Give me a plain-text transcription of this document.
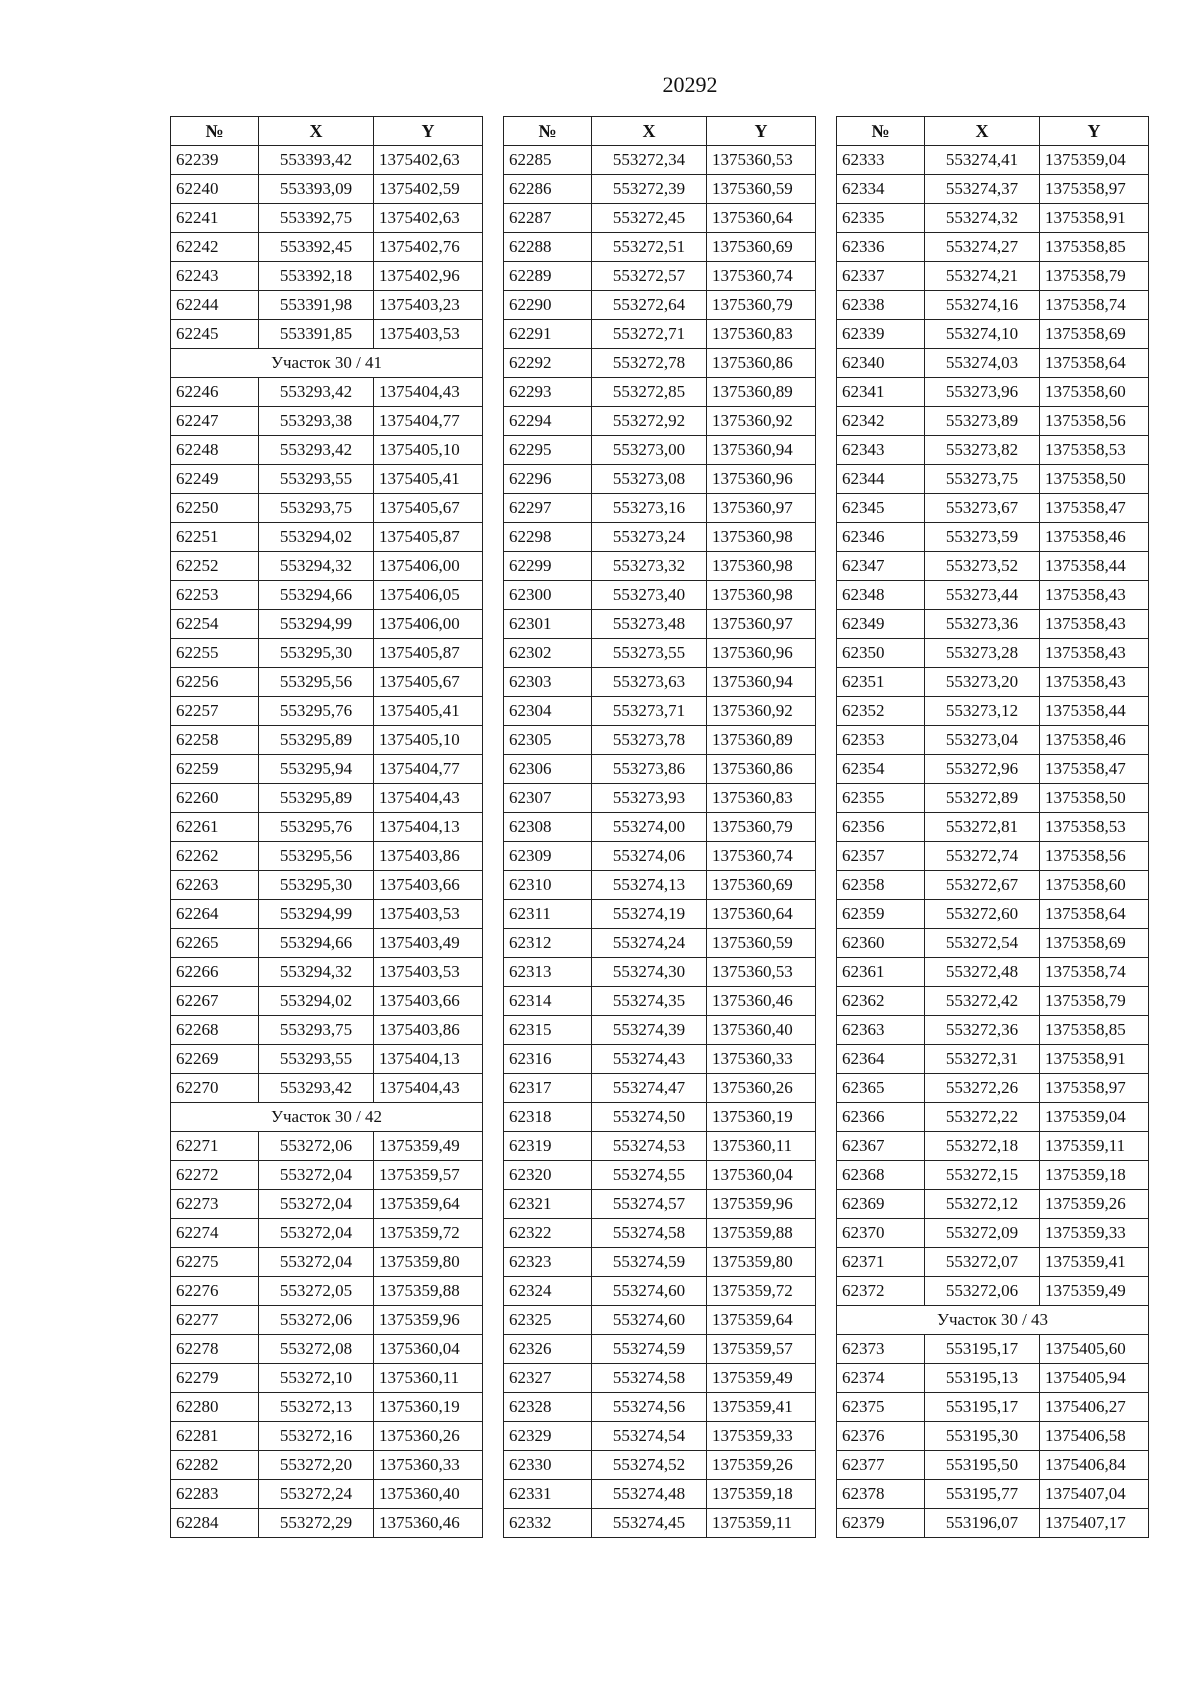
20292
№	X	Y
62239	553393,42	1375402,63
62240	553393,09	1375402,59
62241	553392,75	1375402,63
62242	553392,45	1375402,76
62243	553392,18	1375402,96
62244	553391,98	1375403,23
62245	553391,85	1375403,53
Участок 30 / 41		
62246	553293,42	1375404,43
62247	553293,38	1375404,77
62248	553293,42	1375405,10
62249	553293,55	1375405,41
62250	553293,75	1375405,67
62251	553294,02	1375405,87
62252	553294,32	1375406,00
62253	553294,66	1375406,05
62254	553294,99	1375406,00
62255	553295,30	1375405,87
62256	553295,56	1375405,67
62257	553295,76	1375405,41
62258	553295,89	1375405,10
62259	553295,94	1375404,77
62260	553295,89	1375404,43
62261	553295,76	1375404,13
62262	553295,56	1375403,86
62263	553295,30	1375403,66
62264	553294,99	1375403,53
62265	553294,66	1375403,49
62266	553294,32	1375403,53
62267	553294,02	1375403,66
62268	553293,75	1375403,86
62269	553293,55	1375404,13
62270	553293,42	1375404,43
Участок 30 / 42		
62271	553272,06	1375359,49
62272	553272,04	1375359,57
62273	553272,04	1375359,64
62274	553272,04	1375359,72
62275	553272,04	1375359,80
62276	553272,05	1375359,88
62277	553272,06	1375359,96
62278	553272,08	1375360,04
62279	553272,10	1375360,11
62280	553272,13	1375360,19
62281	553272,16	1375360,26
62282	553272,20	1375360,33
62283	553272,24	1375360,40
62284	553272,29	1375360,46
№	X	Y
62285	553272,34	1375360,53
62286	553272,39	1375360,59
62287	553272,45	1375360,64
62288	553272,51	1375360,69
62289	553272,57	1375360,74
62290	553272,64	1375360,79
62291	553272,71	1375360,83
62292	553272,78	1375360,86
62293	553272,85	1375360,89
62294	553272,92	1375360,92
62295	553273,00	1375360,94
62296	553273,08	1375360,96
62297	553273,16	1375360,97
62298	553273,24	1375360,98
62299	553273,32	1375360,98
62300	553273,40	1375360,98
62301	553273,48	1375360,97
62302	553273,55	1375360,96
62303	553273,63	1375360,94
62304	553273,71	1375360,92
62305	553273,78	1375360,89
62306	553273,86	1375360,86
62307	553273,93	1375360,83
62308	553274,00	1375360,79
62309	553274,06	1375360,74
62310	553274,13	1375360,69
62311	553274,19	1375360,64
62312	553274,24	1375360,59
62313	553274,30	1375360,53
62314	553274,35	1375360,46
62315	553274,39	1375360,40
62316	553274,43	1375360,33
62317	553274,47	1375360,26
62318	553274,50	1375360,19
62319	553274,53	1375360,11
62320	553274,55	1375360,04
62321	553274,57	1375359,96
62322	553274,58	1375359,88
62323	553274,59	1375359,80
62324	553274,60	1375359,72
62325	553274,60	1375359,64
62326	553274,59	1375359,57
62327	553274,58	1375359,49
62328	553274,56	1375359,41
62329	553274,54	1375359,33
62330	553274,52	1375359,26
62331	553274,48	1375359,18
62332	553274,45	1375359,11
№	X	Y
62333	553274,41	1375359,04
62334	553274,37	1375358,97
62335	553274,32	1375358,91
62336	553274,27	1375358,85
62337	553274,21	1375358,79
62338	553274,16	1375358,74
62339	553274,10	1375358,69
62340	553274,03	1375358,64
62341	553273,96	1375358,60
62342	553273,89	1375358,56
62343	553273,82	1375358,53
62344	553273,75	1375358,50
62345	553273,67	1375358,47
62346	553273,59	1375358,46
62347	553273,52	1375358,44
62348	553273,44	1375358,43
62349	553273,36	1375358,43
62350	553273,28	1375358,43
62351	553273,20	1375358,43
62352	553273,12	1375358,44
62353	553273,04	1375358,46
62354	553272,96	1375358,47
62355	553272,89	1375358,50
62356	553272,81	1375358,53
62357	553272,74	1375358,56
62358	553272,67	1375358,60
62359	553272,60	1375358,64
62360	553272,54	1375358,69
62361	553272,48	1375358,74
62362	553272,42	1375358,79
62363	553272,36	1375358,85
62364	553272,31	1375358,91
62365	553272,26	1375358,97
62366	553272,22	1375359,04
62367	553272,18	1375359,11
62368	553272,15	1375359,18
62369	553272,12	1375359,26
62370	553272,09	1375359,33
62371	553272,07	1375359,41
62372	553272,06	1375359,49
Участок 30 / 43		
62373	553195,17	1375405,60
62374	553195,13	1375405,94
62375	553195,17	1375406,27
62376	553195,30	1375406,58
62377	553195,50	1375406,84
62378	553195,77	1375407,04
62379	553196,07	1375407,17
